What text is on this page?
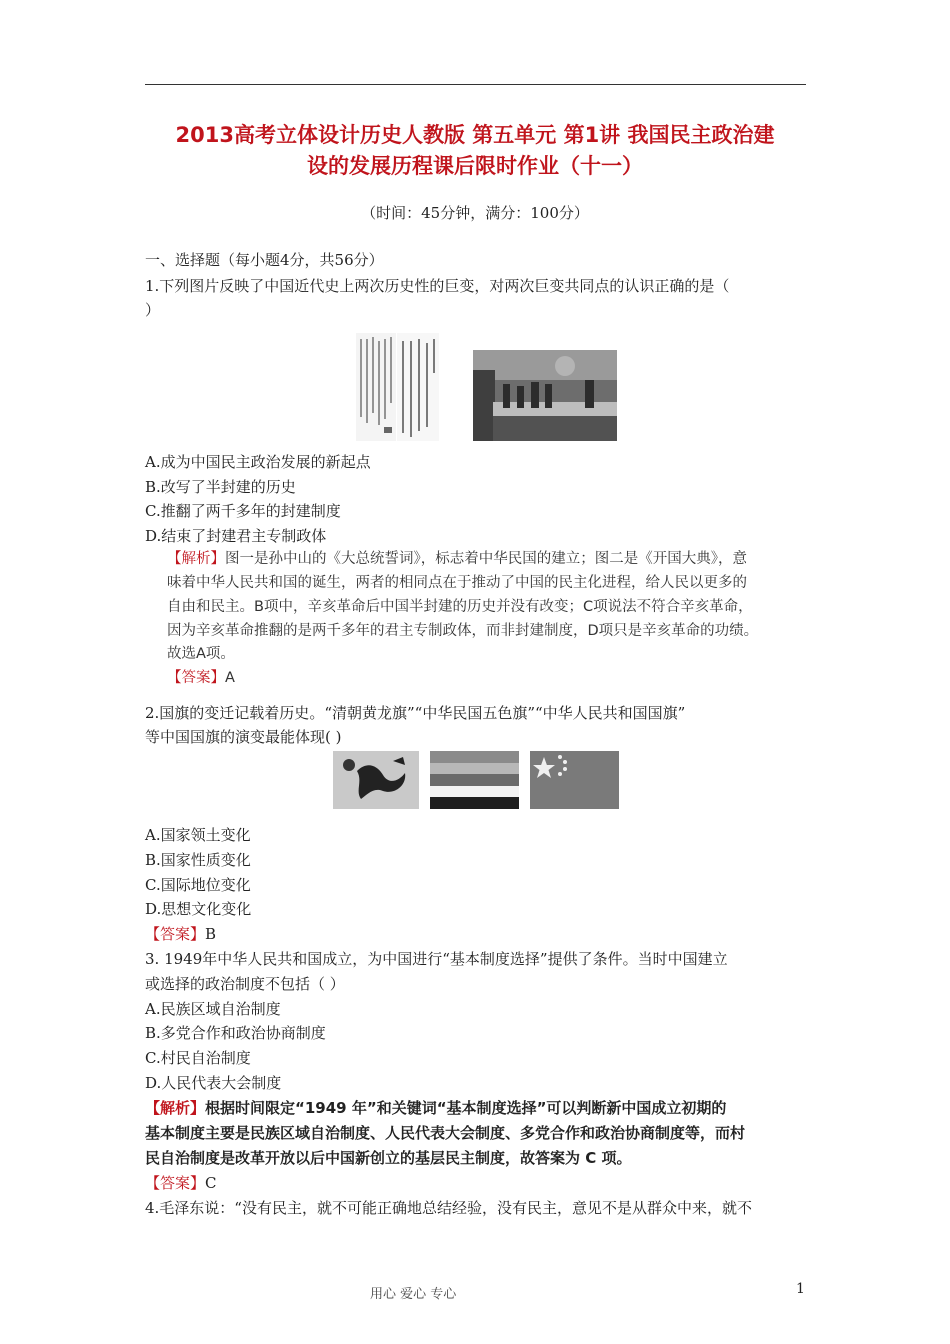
2013高考立体设计历史人教版 第五单元 第1讲 我国民主政治建
设的发展历程课后限时作业（十一）
（时间：45分钟，满分：100分）
一、选择题（每小题4分，共56分）
1.下列图片反映了中国近代史上两次历史性的巨变，对两次巨变共同点的认识正确的是（
）
A.成为中国民主政治发展的新起点
B.改写了半封建的历史
C.推翻了两千多年的封建制度
D.结束了封建君主专制政体
【解析】图一是孙中山的《大总统誓词》，标志着中华民国的建立；图二是《开国大典》，意
味着中华人民共和国的诞生，两者的相同点在于推动了中国的民主化进程，给人民以更多的
自由和民主。B项中，辛亥革命后中国半封建的历史并没有改变；C项说法不符合辛亥革命，
因为辛亥革命推翻的是两千多年的君主专制政体，而非封建制度，D项只是辛亥革命的功绩。
故选A项。
【答案】A
2.国旗的变迁记载着历史。“清朝黄龙旗”“中华民国五色旗”“中华人民共和国国旗”
等中国国旗的演变最能体现( )
A.国家领土变化
B.国家性质变化
C.国际地位变化
D.思想文化变化
【答案】B
3. 1949年中华人民共和国成立，为中国进行“基本制度选择”提供了条件。当时中国建立
或选择的政治制度不包括（ ）
A.民族区域自治制度
B.多党合作和政治协商制度
C.村民自治制度
D.人民代表大会制度
【解析】根据时间限定“1949 年”和关键词“基本制度选择”可以判断新中国成立初期的
基本制度主要是民族区域自治制度、人民代表大会制度、多党合作和政治协商制度等，而村
民自治制度是改革开放以后中国新创立的基层民主制度，故答案为 C 项。
【答案】C
4.毛泽东说：“没有民主，就不可能正确地总结经验，没有民主，意见不是从群众中来，就不
用心 爱心 专心	1
